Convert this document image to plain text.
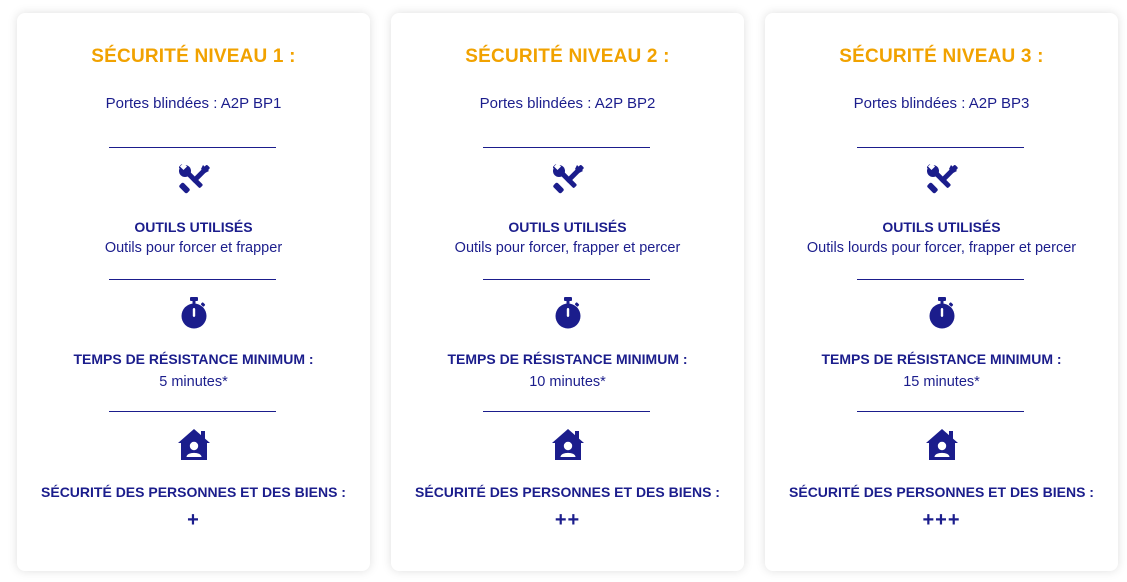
SÉCURITÉ NIVEAU 1 :
Portes blindées : A2P BP1
OUTILS UTILISÉS
Outils pour forcer et frapper
TEMPS DE RÉSISTANCE MINIMUM :
5 minutes*
SÉCURITÉ DES PERSONNES ET DES BIENS :
+
SÉCURITÉ NIVEAU 2 :
Portes blindées : A2P BP2
OUTILS UTILISÉS
Outils pour forcer, frapper et percer
TEMPS DE RÉSISTANCE MINIMUM :
10 minutes*
SÉCURITÉ DES PERSONNES ET DES BIENS :
++
SÉCURITÉ NIVEAU 3 :
Portes blindées : A2P BP3
OUTILS UTILISÉS
Outils lourds pour forcer, frapper et percer
TEMPS DE RÉSISTANCE MINIMUM :
15 minutes*
SÉCURITÉ DES PERSONNES ET DES BIENS :
+++
